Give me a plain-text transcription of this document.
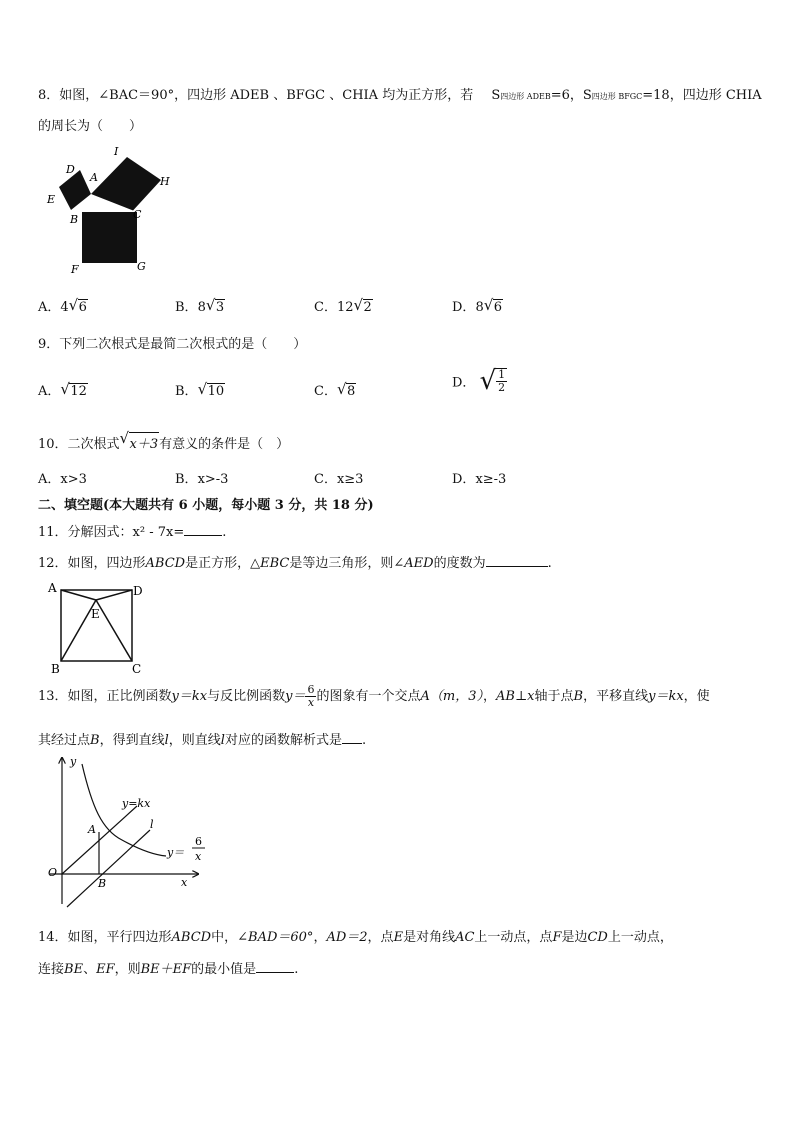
8．如图，∠BAC＝90°，四边形 ADEB 、BFGC 、CHIA 均为正方形，若 S四边形 ADEB=6，S四边形 BFGC=18，四边形 CHIA
的周长为（　　）
D
A
I
H
E
B	C
F	G
A．4 √ 6	B．8 √ 3	C．12 √ 2	D．8 √ 6
9．下列二次根式是最简二次根式的是（　　）
A． √ 12	B． √ 10	C． √ 8
D． √ $\frac{1}{2}$
10．二次根式 √ x＋3有意义的条件是（　）
A．x>3	B．x>-3	C．x≥3	D．x≥-3
二、填空题(本大题共有 6 小题，每小题 3 分，共 18 分)
11．分解因式：x² - 7x=	.
12．如图，四边形ABCD是正方形，△EBC是等边三角形，则∠AED的度数为	.
A	D
E
B	C
13．如图，正比例函数y＝kx与反比例函数$y= \frac{6}{x}$ 的图象有一个交点A（m，3），AB⊥x轴于点B，平移直线y＝kx，使
其经过点B，得到直线l，则直线l对应的函数解析式是 .
y
y=kx
A	l
y＝
6
x
O
B	x
14．如图，平行四边形ABCD中，∠BAD＝60°，AD＝2，点E是对角线AC上一动点，点F是边CD上一动点，
连接BE、EF，则BE＋EF的最小值是	.
